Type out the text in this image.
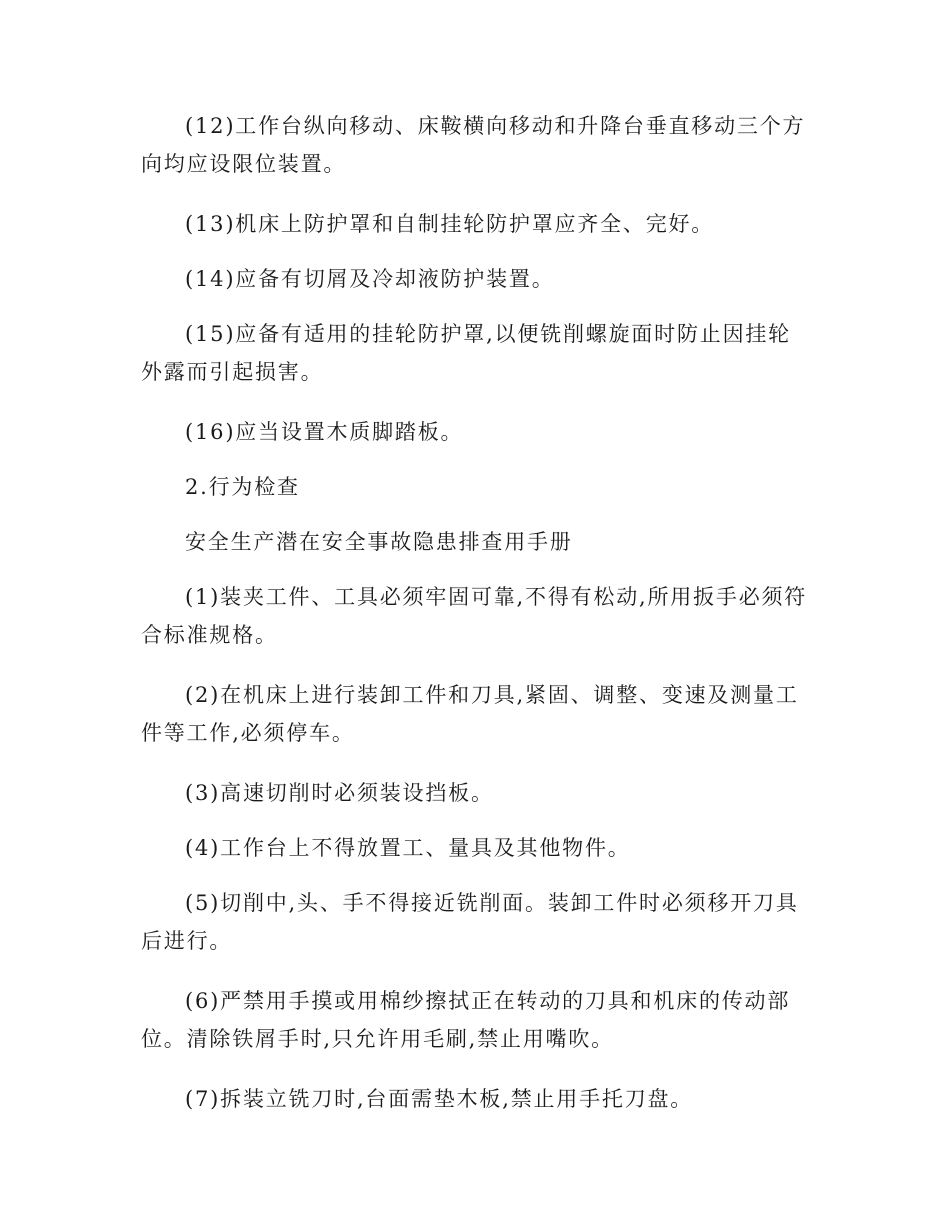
(12)工作台纵向移动、床鞍横向移动和升降台垂直移动三个方向均应设限位装置。

(13)机床上防护罩和自制挂轮防护罩应齐全、完好。

(14)应备有切屑及冷却液防护装置。

(15)应备有适用的挂轮防护罩,以便铣削螺旋面时防止因挂轮外露而引起损害。

(16)应当设置木质脚踏板。

2.行为检查

安全生产潜在安全事故隐患排查用手册

(1)装夹工件、工具必须牢固可靠,不得有松动,所用扳手必须符合标准规格。

(2)在机床上进行装卸工件和刀具,紧固、调整、变速及测量工件等工作,必须停车。

(3)高速切削时必须装设挡板。

(4)工作台上不得放置工、量具及其他物件。

(5)切削中,头、手不得接近铣削面。装卸工件时必须移开刀具后进行。

(6)严禁用手摸或用棉纱擦拭正在转动的刀具和机床的传动部位。清除铁屑手时,只允许用毛刷,禁止用嘴吹。

(7)拆装立铣刀时,台面需垫木板,禁止用手托刀盘。
